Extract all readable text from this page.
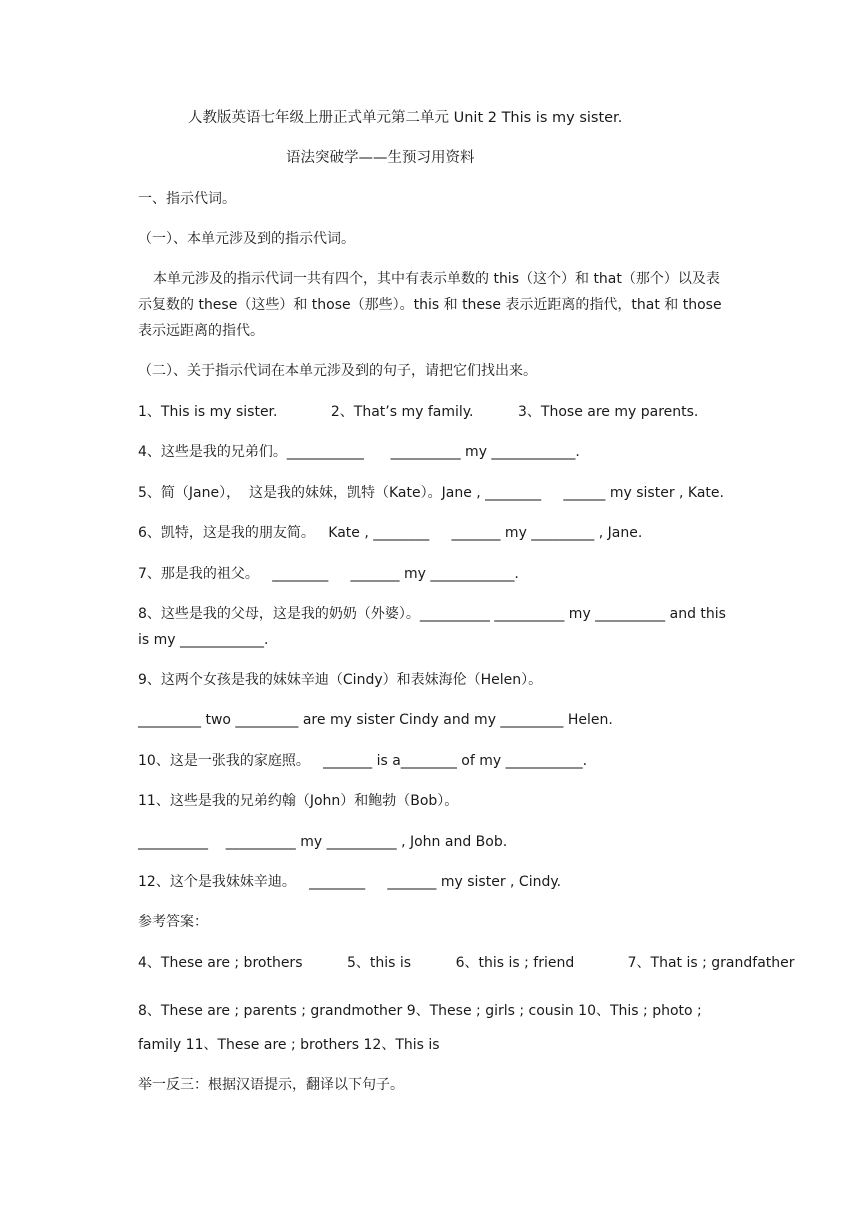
人教版英语七年级上册正式单元第二单元 Unit 2 This is my sister.

语法突破学——生预习用资料

一、指示代词。

（一）、本单元涉及到的指示代词。

本单元涉及的指示代词一共有四个，其中有表示单数的 this（这个）和 that（那个）以及表示复数的 these（这些）和 those（那些）。this 和 these 表示近距离的指代，that 和 those 表示远距离的指代。

（二）、关于指示代词在本单元涉及到的句子，请把它们找出来。

1、This is my sister.            2、That’s my family.          3、Those are my parents.

4、这些是我的兄弟们。___________      __________ my ____________.

5、简（Jane），  这是我的妹妹，凯特（Kate）。Jane , ________     ______ my sister , Kate.

6、凯特，这是我的朋友简。   Kate , ________     _______ my _________ , Jane.

7、那是我的祖父。   ________     _______ my ____________.

8、这些是我的父母，这是我的奶奶（外婆）。__________ __________ my __________ and this is my ____________.

9、这两个女孩是我的妹妹辛迪（Cindy）和表妹海伦（Helen）。

_________ two _________ are my sister Cindy and my _________ Helen.

10、这是一张我的家庭照。   _______ is a________ of my ___________.

11、这些是我的兄弟约翰（John）和鲍勃（Bob）。

__________    __________ my __________ , John and Bob.

12、这个是我妹妹辛迪。   ________     _______ my sister , Cindy.

参考答案：

4、These are ; brothers          5、this is          6、this is ; friend            7、That is ; grandfather

8、These are ; parents ; grandmother 9、These ; girls ; cousin 10、This ; photo ; family 11、These are ; brothers 12、This is

举一反三：根据汉语提示，翻译以下句子。
